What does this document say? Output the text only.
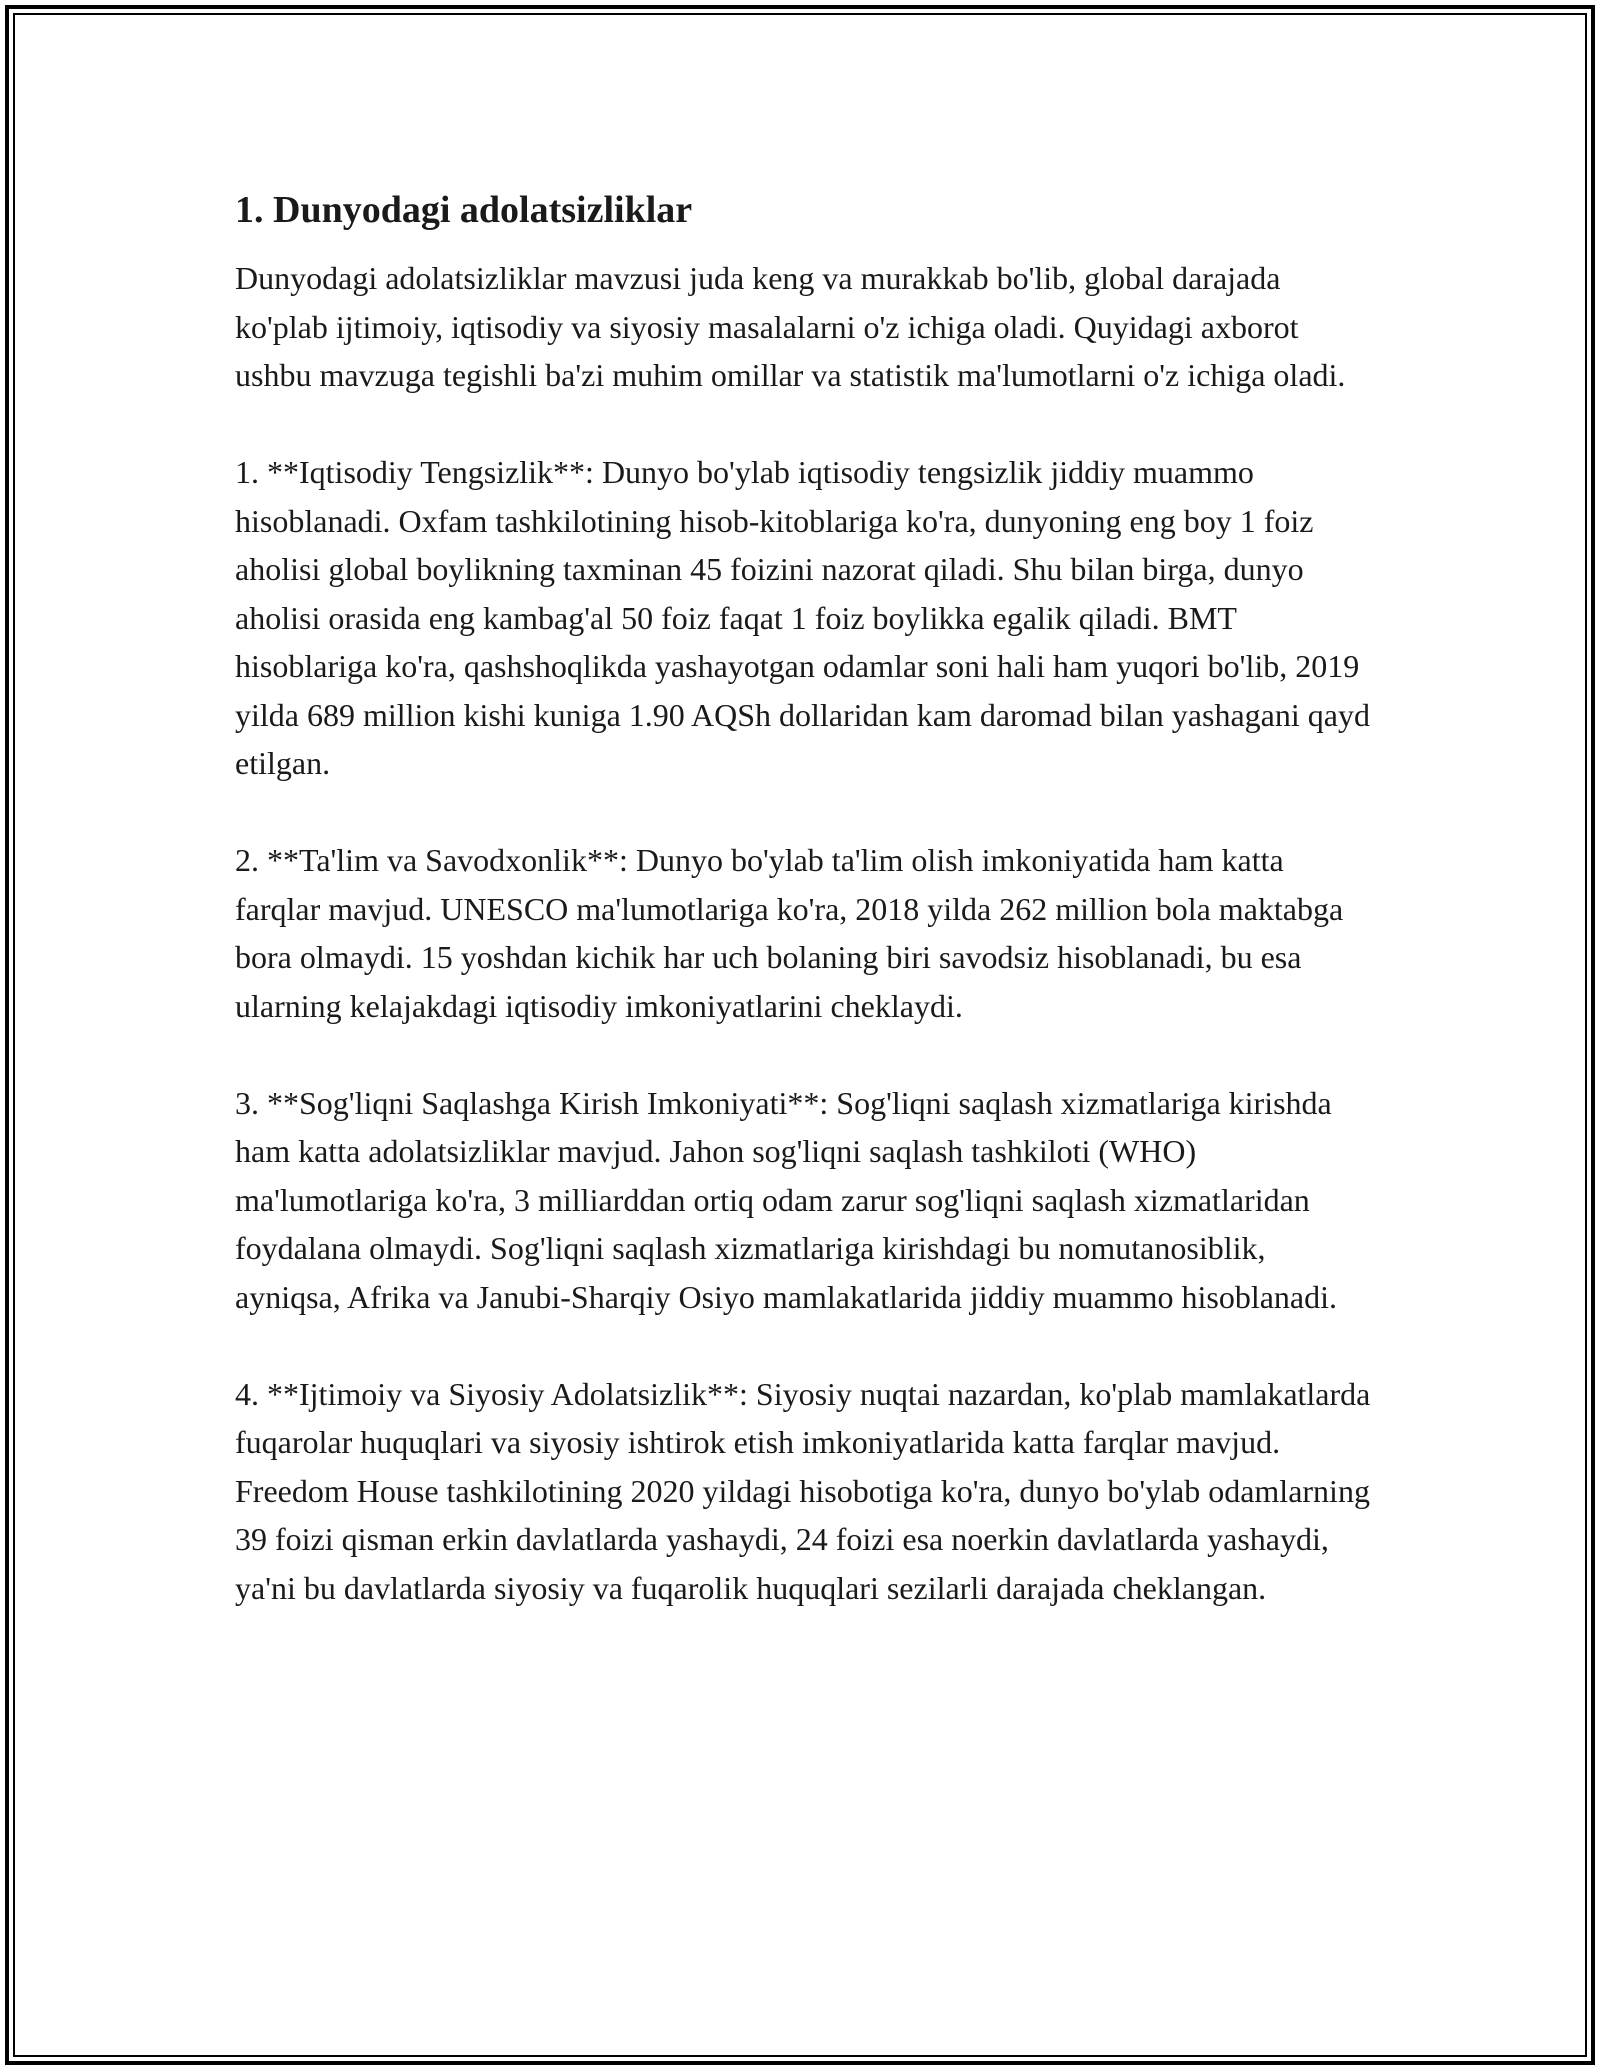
1. Dunyodagi adolatsizliklar

Dunyodagi adolatsizliklar mavzusi juda keng va murakkab bo'lib, global darajada ko'plab ijtimoiy, iqtisodiy va siyosiy masalalarni o'z ichiga oladi. Quyidagi axborot ushbu mavzuga tegishli ba'zi muhim omillar va statistik ma'lumotlarni o'z ichiga oladi.

1. **Iqtisodiy Tengsizlik**: Dunyo bo'ylab iqtisodiy tengsizlik jiddiy muammo hisoblanadi. Oxfam tashkilotining hisob-kitoblariga ko'ra, dunyoning eng boy 1 foiz aholisi global boylikning taxminan 45 foizini nazorat qiladi. Shu bilan birga, dunyo aholisi orasida eng kambag'al 50 foiz faqat 1 foiz boylikka egalik qiladi. BMT hisoblariga ko'ra, qashshoqlikda yashayotgan odamlar soni hali ham yuqori bo'lib, 2019 yilda 689 million kishi kuniga 1.90 AQSh dollaridan kam daromad bilan yashagani qayd etilgan.

2. **Ta'lim va Savodxonlik**: Dunyo bo'ylab ta'lim olish imkoniyatida ham katta farqlar mavjud. UNESCO ma'lumotlariga ko'ra, 2018 yilda 262 million bola maktabga bora olmaydi. 15 yoshdan kichik har uch bolaning biri savodsiz hisoblanadi, bu esa ularning kelajakdagi iqtisodiy imkoniyatlarini cheklaydi.

3. **Sog'liqni Saqlashga Kirish Imkoniyati**: Sog'liqni saqlash xizmatlariga kirishda ham katta adolatsizliklar mavjud. Jahon sog'liqni saqlash tashkiloti (WHO) ma'lumotlariga ko'ra, 3 milliarddan ortiq odam zarur sog'liqni saqlash xizmatlaridan foydalana olmaydi. Sog'liqni saqlash xizmatlariga kirishdagi bu nomutanosiblik, ayniqsa, Afrika va Janubi-Sharqiy Osiyo mamlakatlarida jiddiy muammo hisoblanadi.

4. **Ijtimoiy va Siyosiy Adolatsizlik**: Siyosiy nuqtai nazardan, ko'plab mamlakatlarda fuqarolar huquqlari va siyosiy ishtirok etish imkoniyatlarida katta farqlar mavjud. Freedom House tashkilotining 2020 yildagi hisobotiga ko'ra, dunyo bo'ylab odamlarning 39 foizi qisman erkin davlatlarda yashaydi, 24 foizi esa noerkin davlatlarda yashaydi, ya'ni bu davlatlarda siyosiy va fuqarolik huquqlari sezilarli darajada cheklangan.
